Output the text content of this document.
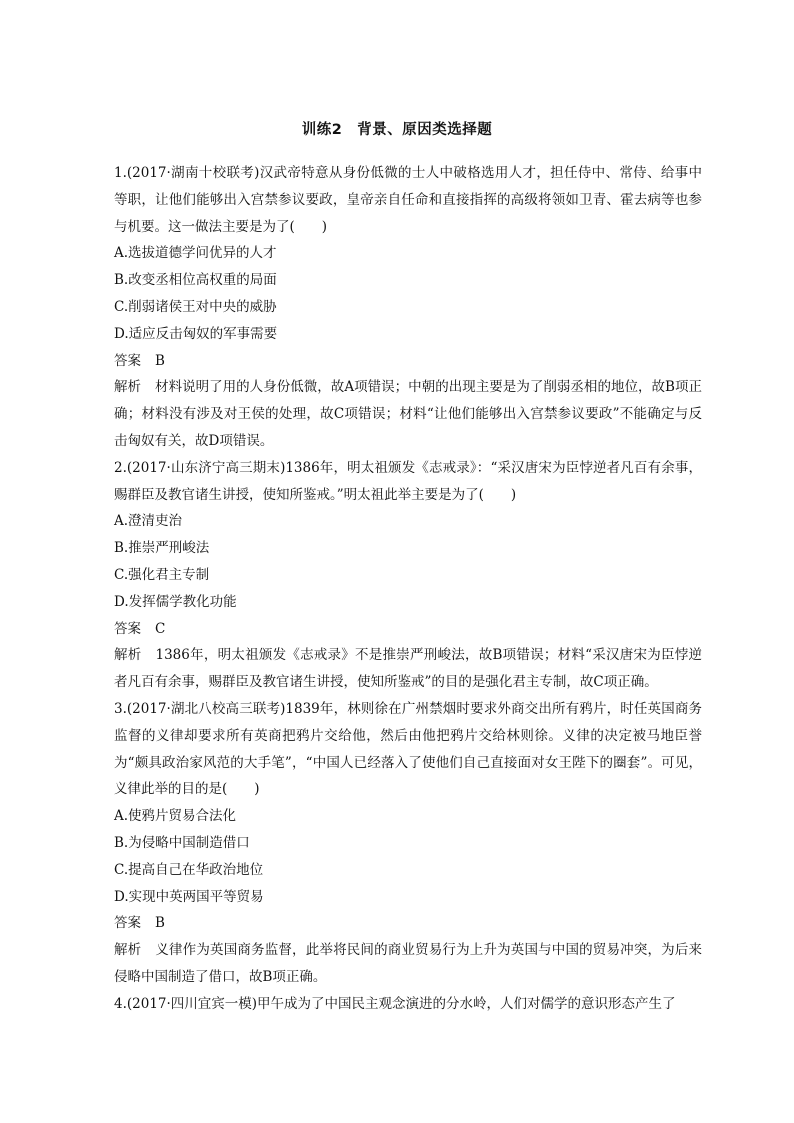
训练2　背景、原因类选择题

1.(2017·湖南十校联考)汉武帝特意从身份低微的士人中破格选用人才，担任侍中、常侍、给事中等职，让他们能够出入宫禁参议要政，皇帝亲自任命和直接指挥的高级将领如卫青、霍去病等也参与机要。这一做法主要是为了(　　)

A.选拔道德学问优异的人才

B.改变丞相位高权重的局面

C.削弱诸侯王对中央的威胁

D.适应反击匈奴的军事需要

答案 B

解析 材料说明了用的人身份低微，故A项错误；中朝的出现主要是为了削弱丞相的地位，故B项正确；材料没有涉及对王侯的处理，故C项错误；材料“让他们能够出入宫禁参议要政”不能确定与反击匈奴有关，故D项错误。

2.(2017·山东济宁高三期末)1386年，明太祖颁发《志戒录》：“采汉唐宋为臣悖逆者凡百有余事，赐群臣及教官诸生讲授，使知所鉴戒。”明太祖此举主要是为了(　　)

A.澄清吏治

B.推崇严刑峻法

C.强化君主专制

D.发挥儒学教化功能

答案 C

解析 1386年，明太祖颁发《志戒录》不是推崇严刑峻法，故B项错误；材料“采汉唐宋为臣悖逆者凡百有余事，赐群臣及教官诸生讲授，使知所鉴戒”的目的是强化君主专制，故C项正确。

3.(2017·湖北八校高三联考)1839年，林则徐在广州禁烟时要求外商交出所有鸦片，时任英国商务监督的义律却要求所有英商把鸦片交给他，然后由他把鸦片交给林则徐。义律的决定被马地臣誉为“颇具政治家风范的大手笔”，“中国人已经落入了使他们自己直接面对女王陛下的圈套”。可见，义律此举的目的是(　　)

A.使鸦片贸易合法化

B.为侵略中国制造借口

C.提高自己在华政治地位

D.实现中英两国平等贸易

答案 B

解析 义律作为英国商务监督，此举将民间的商业贸易行为上升为英国与中国的贸易冲突，为后来侵略中国制造了借口，故B项正确。

4.(2017·四川宜宾一模)甲午成为了中国民主观念演进的分水岭，人们对儒学的意识形态产生了
